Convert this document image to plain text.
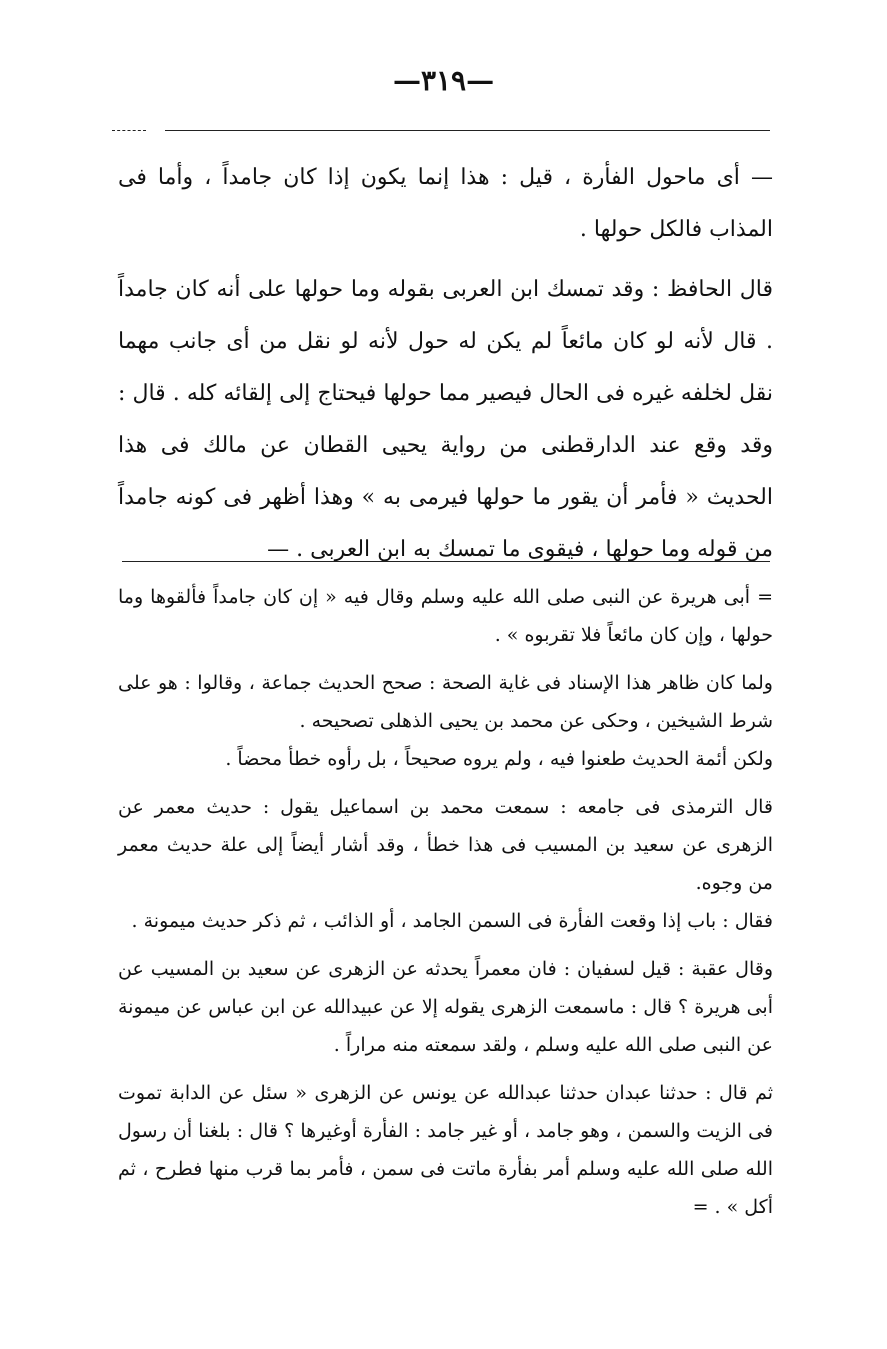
—٣١٩—

— أى ماحول الفأرة ، قيل : هذا إنما يكون إذا كان جامداً ، وأما فى المذاب فالكل حولها .

قال الحافظ : وقد تمسك ابن العربى بقوله وما حولها على أنه كان جامداً . قال لأنه لو كان مائعاً لم يكن له حول لأنه لو نقل من أى جانب مهما نقل لخلفه غيره فى الحال فيصير مما حولها فيحتاج إلى إلقائه كله . قال : وقد وقع عند الدارقطنى من رواية يحيى القطان عن مالك فى هذا الحديث « فأمر أن يقور ما حولها فيرمى به » وهذا أظهر فى كونه جامداً من قوله وما حولها ، فيقوى ما تمسك به ابن العربى . —

= أبى هريرة عن النبى صلى الله عليه وسلم وقال فيه « إن كان جامداً فألقوها وما حولها ، وإن كان مائعاً فلا تقربوه » .

ولما كان ظاهر هذا الإسناد فى غاية الصحة : صحح الحديث جماعة ، وقالوا : هو على شرط الشيخين ، وحكى عن محمد بن يحيى الذهلى تصحيحه .

ولكن أئمة الحديث طعنوا فيه ، ولم يروه صحيحاً ، بل رأوه خطأ محضاً .

قال الترمذى فى جامعه : سمعت محمد بن اسماعيل يقول : حديث معمر عن الزهرى عن سعيد بن المسيب فى هذا خطأ ، وقد أشار أيضاً إلى علة حديث معمر من وجوه.

فقال : باب إذا وقعت الفأرة فى السمن الجامد ، أو الذائب ، ثم ذكر حديث ميمونة .

وقال عقبة : قيل لسفيان : فان معمراً يحدثه عن الزهرى عن سعيد بن المسيب عن أبى هريرة ؟ قال : ماسمعت الزهرى يقوله إلا عن عبيدالله عن ابن عباس عن ميمونة عن النبى صلى الله عليه وسلم ، ولقد سمعته منه مراراً .

ثم قال : حدثنا عبدان حدثنا عبدالله عن يونس عن الزهرى « سئل عن الدابة تموت فى الزيت والسمن ، وهو جامد ، أو غير جامد : الفأرة أوغيرها ؟ قال : بلغنا أن رسول الله صلى الله عليه وسلم أمر بفأرة ماتت فى سمن ، فأمر بما قرب منها فطرح ، ثم أكل » . =
